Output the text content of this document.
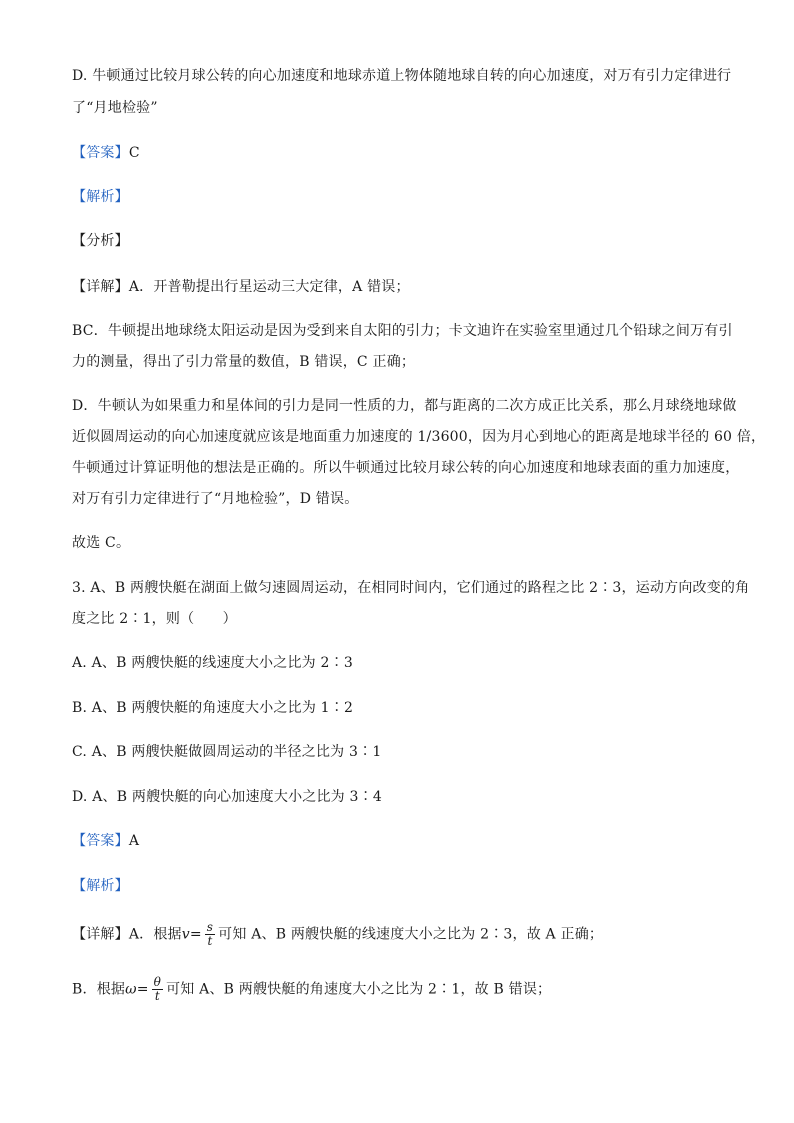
D. 牛顿通过比较月球公转的向心加速度和地球赤道上物体随地球自转的向心加速度，对万有引力定律进行
了“月地检验”
【答案】C
【解析】
【分析】
【详解】A．开普勒提出行星运动三大定律，A 错误；
BC．牛顿提出地球绕太阳运动是因为受到来自太阳的引力；卡文迪许在实验室里通过几个铅球之间万有引
力的测量，得出了引力常量的数值，B 错误，C 正确；
D．牛顿认为如果重力和星体间的引力是同一性质的力，都与距离的二次方成正比关系，那么月球绕地球做
近似圆周运动的向心加速度就应该是地面重力加速度的 1/3600，因为月心到地心的距离是地球半径的 60 倍，
牛顿通过计算证明他的想法是正确的。所以牛顿通过比较月球公转的向心加速度和地球表面的重力加速度，
对万有引力定律进行了“月地检验”，D 错误。
故选 C。
3. A、B 两艘快艇在湖面上做匀速圆周运动，在相同时间内，它们通过的路程之比 2∶3，运动方向改变的角
度之比 2∶1，则（　　）
A. A、B 两艘快艇的线速度大小之比为 2∶3
B. A、B 两艘快艇的角速度大小之比为 1∶2
C. A、B 两艘快艇做圆周运动的半径之比为 3∶1
D. A、B 两艘快艇的向心加速度大小之比为 3∶4
【答案】A
【解析】
【详解】A．根据$v= \frac{s}{t}$ 可知 A、B 两艘快艇的线速度大小之比为 2∶3，故 A 正确；
B．根据$\omega= \frac{\theta}{t}$ 可知 A、B 两艘快艇的角速度大小之比为 2∶1，故 B 错误；
